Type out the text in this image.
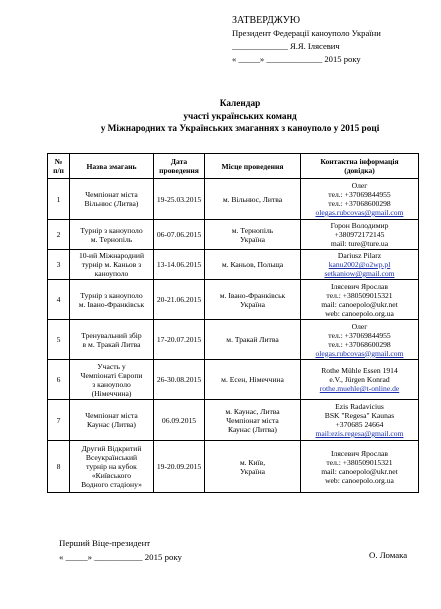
ЗАТВЕРДЖУЮ
Президент Федерації каноуполо України
_____________ Я.Я. Ілясевич
« _____» _____________ 2015 року
Календар
участі українських команд
у Міжнародних та Українських змаганнях з каноуполо у 2015 році
№
п/п	Назва змагань	Дата
проведення	Місце проведення	Контактна інформація
(довідка)

1	Чемпіонат міста
Вільнюс (Литва)	19-25.03.2015	м. Вільнюс, Литва	Олег
тел.: +37069844955
тел.: +37068600298
olegas.rubcovas@gmail.com

2	Турнір з каноуполо
м. Тернопіль	06-07.06.2015	м. Тернопіль
Україна	Горон Володимир
+380972172145
mail: ture@ture.ua

3	10-ий Міжнародний
турнір м. Каньов з
каноуполо	13-14.06.2015	м. Каньов, Польща	Dariusz Pilarz
kanu2002@o2wp.pl
setkaniow@gmail.com

4	Турнір з каноуполо
м. Івано-Франківськ	20-21.06.2015	м. Івано-Франківськ
Україна	Ілясевич Ярослав
тел.: +380509015321
mail: canoepolo@ukr.net
web: canoepolo.org.ua

5	Тренувальний збір
в м. Тракай Литва	17-20.07.2015	м. Тракай Литва	Олег
тел.: +37069844955
тел.: +37068600298
olegas.rubcovas@gmail.com

6	Участь у
Чемпіонаті Європи
з каноуполо
(Німеччина)	26-30.08.2015	м. Есен, Німеччина	Rothe Mühle Essen 1914
e.V., Jürgen Konrad
rothe.muehle@t-online.de

7	Чемпіонат міста
Каунас (Литва)	06.09.2015	м. Каунас, Литва
Чемпіонат міста
Каунас (Литва)	Ezis Radavicius
BSK "Regesa" Kaunas
+370685 24664
mail:ezis.regesa@gmail.com

8	Другий Відкритий
Всеукраїнський
турнір на кубок
«Київського
Водного стадіону»	19-20.09.2015	м. Київ,
Україна	Ілясевич Ярослав
тел.: +380509015321
mail: canoepolo@ukr.net
web: canoepolo.org.ua
Перший Віце-президент
« _____» ___________ 2015 року	О. Ломака
